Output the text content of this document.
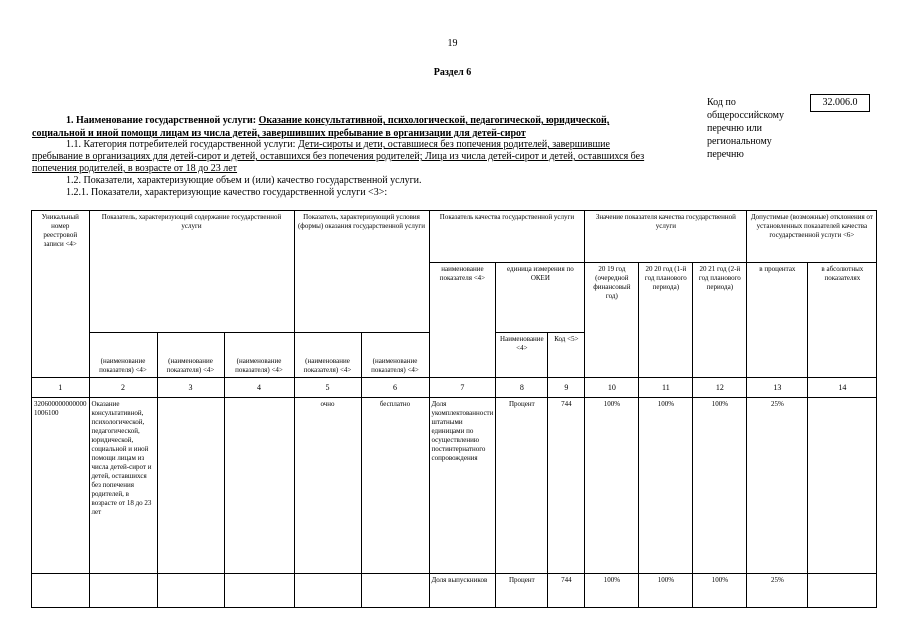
19
Раздел 6
Код по общероссийскому перечню или региональному перечню
32.006.0
1. Наименование государственной услуги: Оказание консультативной, психологической, педагогической, юридической,
социальной и иной помощи лицам из числа детей, завершивших пребывание в организации для детей-сирот
1.1. Категория потребителей государственной услуги: Дети-сироты и дети, оставшиеся без попечения родителей, завершившие
пребывание в организациях для детей-сирот и детей, оставшихся без попечения родителей; Лица из числа детей-сирот и детей, оставшихся без
попечения родителей, в возрасте от 18 до 23 лет
1.2. Показатели, характеризующие объем и (или) качество государственной услуги.
1.2.1. Показатели, характеризующие качество государственной услуги <3>:
Уникальный номер реестровой записи <4>	Показатель, характеризующий содержание государственной услуги			Показатель, характеризующий условия (формы) оказания государственной услуги		Показатель качества государственной услуги			Значение показателя качества государственной услуги			Допустимые (возможные) отклонения от установленных показателей качества государственной услуги <6>	
						наименование показателя <4>	единица измерения по ОКЕИ		20 19 год (очередной финансовый год)	20 20 год (1-й год планового периода)	20 21 год (2-й год планового периода)	в процентах	в абсолютных показателях
	(наименование показателя) <4>	(наименование показателя) <4>	(наименование показателя) <4>	(наименование показателя) <4>	(наименование показателя) <4>		Наименование <4>	Код <5>					
1	2	3	4	5	6	7	8	9	10	11	12	13	14
320600000000000 1006100	Оказание консультативной, психологической, педагогической, юридической, социальной и иной помощи лицам из числа детей-сирот и детей, оставшихся без попечения родителей, в возрасте от 18 до 23 лет			очно	бесплатно	Доля укомплектованности штатными единицами по осуществлению постинтернатного сопровождения	Процент	744	100%	100%	100%	25%	
						Доля выпускников	Процент	744	100%	100%	100%	25%	
